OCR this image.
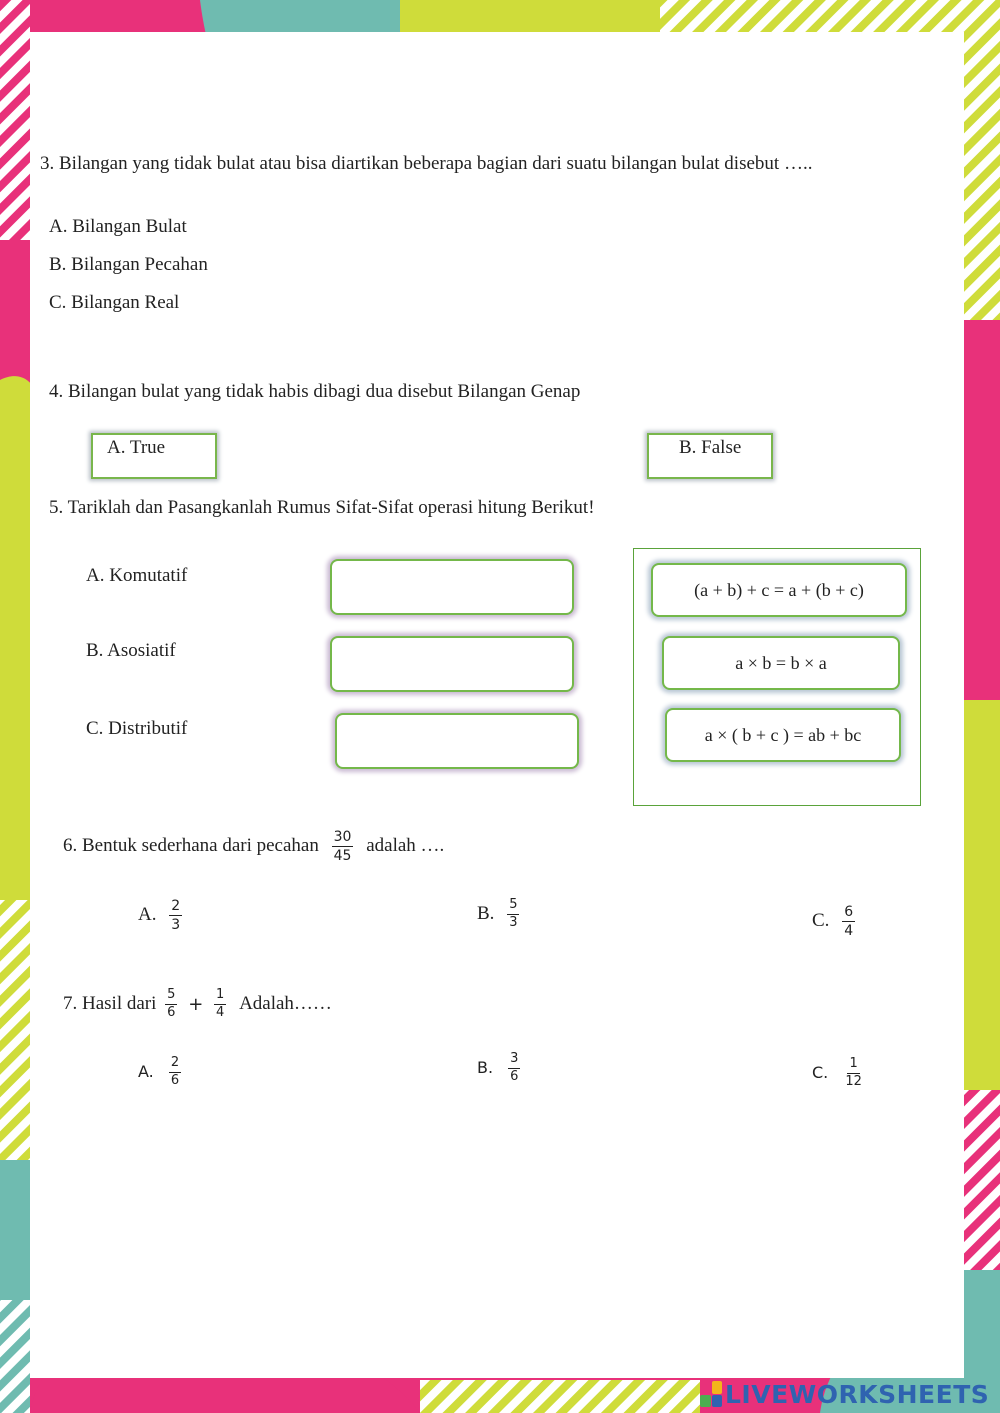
3. Bilangan yang tidak bulat atau bisa diartikan beberapa bagian dari suatu bilangan bulat disebut …..
A. Bilangan Bulat
B. Bilangan Pecahan
C. Bilangan Real
4. Bilangan bulat yang tidak habis dibagi dua disebut Bilangan Genap
A. True	B. False
5. Tariklah dan Pasangkanlah Rumus Sifat-Sifat operasi hitung Berikut!
A. Komutatif
B. Asosiatif
C. Distributif
(a + b) + c = a + (b + c)
a × b = b × a
a × ( b + c ) = ab + bc
6. Bentuk sederhana dari pecahan $\frac{30}{45}$ adalah ….
A. $\frac{2}{3}$	B. $\frac{5}{3}$	C. $\frac{6}{4}$
7. Hasil dari $\frac{5}{6} + \frac{1}{4}$ Adalah……
A. $\frac{2}{6}$	B. $\frac{3}{6}$	C. $\frac{1}{12}$
LIVEWORKSHEETS
